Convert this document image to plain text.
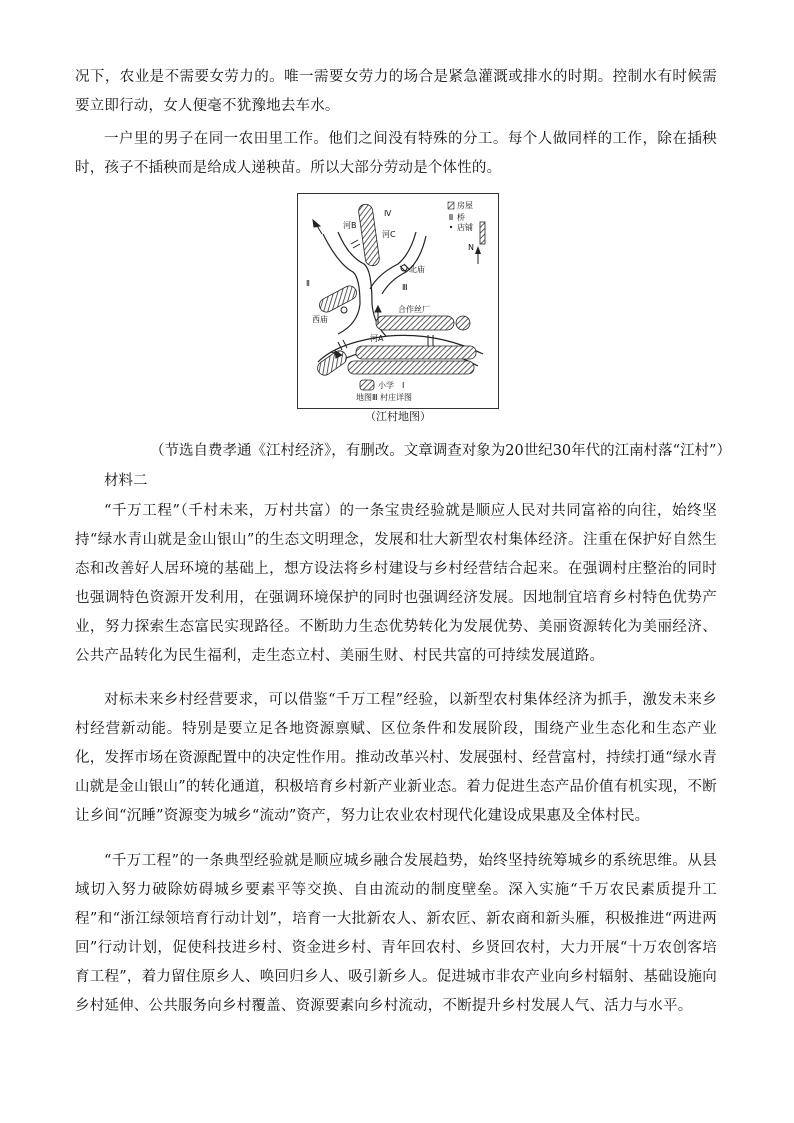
况下，农业是不需要女劳力的。唯一需要女劳力的场合是紧急灌溉或排水的时期。控制水有时候需要立即行动，女人便毫不犹豫地去车水。

一户里的男子在同一农田里工作。他们之间没有特殊的分工。每个人做同样的工作，除在插秧时，孩子不插秧而是给成人递秧苗。所以大部分劳动是个体性的。

房屋
桥
店铺
N
Ⅳ
Ⅱ	Ⅲ
Ⅰ
河C
河A
河B
北庙
西庙
合作丝厂
小学
地图Ⅲ 村庄详图
（江村地图）
（节选自费孝通《江村经济》，有删改。文章调查对象为20世纪30年代的江南村落“江村”）
材料二

“千万工程”（千村未来，万村共富）的一条宝贵经验就是顺应人民对共同富裕的向往，始终坚持“绿水青山就是金山银山”的生态文明理念，发展和壮大新型农村集体经济。注重在保护好自然生态和改善好人居环境的基础上，想方设法将乡村建设与乡村经营结合起来。在强调村庄整治的同时也强调特色资源开发利用，在强调环境保护的同时也强调经济发展。因地制宜培育乡村特色优势产业，努力探索生态富民实现路径。不断助力生态优势转化为发展优势、美丽资源转化为美丽经济、公共产品转化为民生福利，走生态立村、美丽生财、村民共富的可持续发展道路。

对标未来乡村经营要求，可以借鉴“千万工程”经验，以新型农村集体经济为抓手，激发未来乡村经营新动能。特别是要立足各地资源禀赋、区位条件和发展阶段，围绕产业生态化和生态产业化，发挥市场在资源配置中的决定性作用。推动改革兴村、发展强村、经营富村，持续打通“绿水青山就是金山银山”的转化通道，积极培育乡村新产业新业态。着力促进生态产品价值有机实现，不断让乡间“沉睡”资源变为城乡“流动”资产，努力让农业农村现代化建设成果惠及全体村民。

“千万工程”的一条典型经验就是顺应城乡融合发展趋势，始终坚持统筹城乡的系统思维。从县域切入努力破除妨碍城乡要素平等交换、自由流动的制度壁垒。深入实施“千万农民素质提升工程”和“浙江绿领培育行动计划”，培育一大批新农人、新农匠、新农商和新头雁，积极推进“两进两回”行动计划，促使科技进乡村、资金进乡村、青年回农村、乡贤回农村，大力开展“十万农创客培育工程”，着力留住原乡人、唤回归乡人、吸引新乡人。促进城市非农产业向乡村辐射、基础设施向乡村延伸、公共服务向乡村覆盖、资源要素向乡村流动，不断提升乡村发展人气、活力与水平。
